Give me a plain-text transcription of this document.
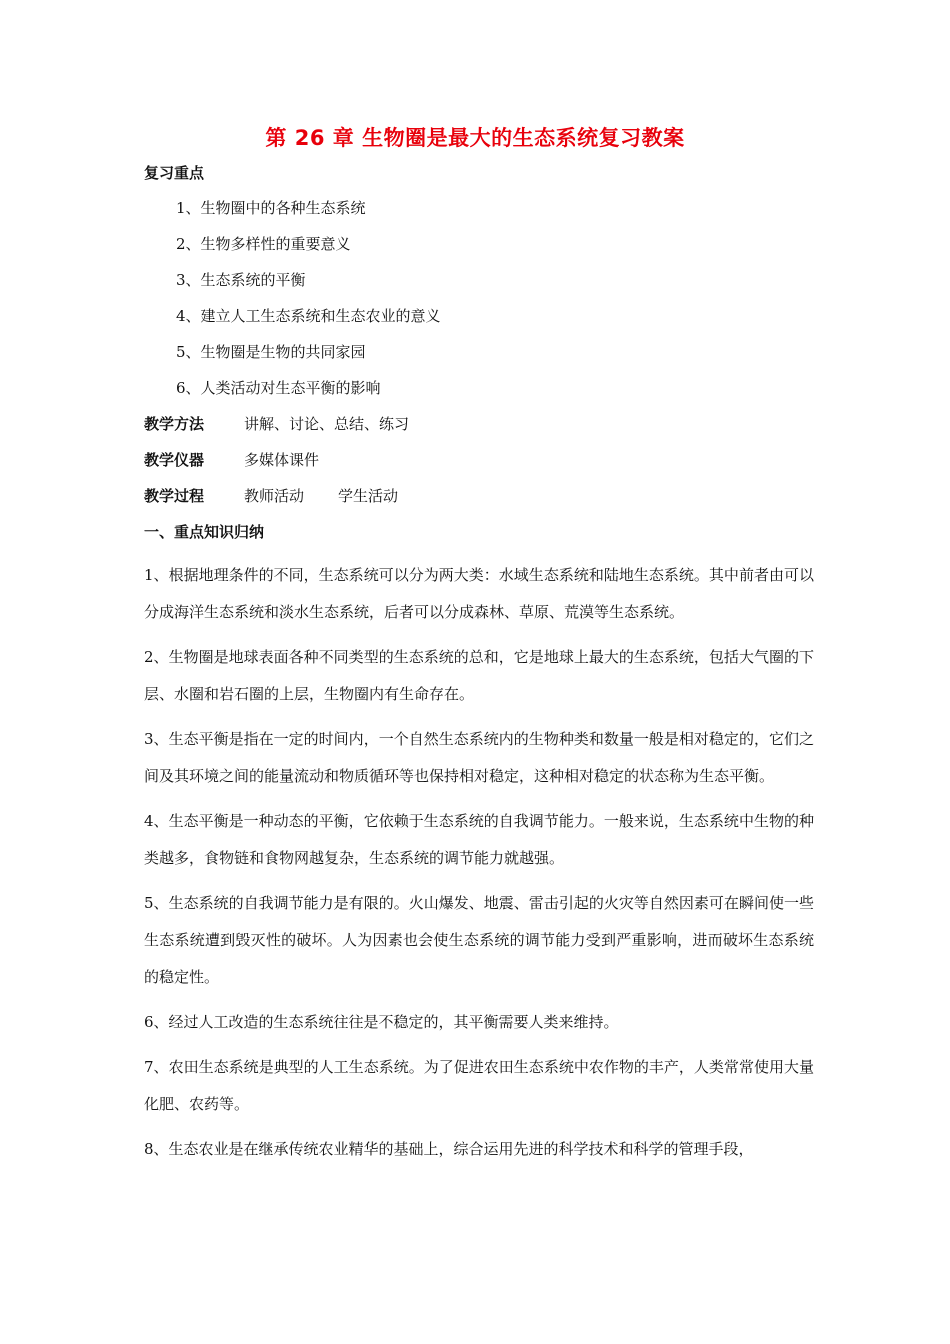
第 26 章 生物圈是最大的生态系统复习教案
复习重点
1、生物圈中的各种生态系统
2、生物多样性的重要意义
3、生态系统的平衡
4、建立人工生态系统和生态农业的意义
5、生物圈是生物的共同家园
6、人类活动对生态平衡的影响
教学方法	讲解、讨论、总结、练习
教学仪器	多媒体课件
教学过程	教师活动 学生活动
一、重点知识归纳

1、根据地理条件的不同，生态系统可以分为两大类：水域生态系统和陆地生态系统。其中前者由可以分成海洋生态系统和淡水生态系统，后者可以分成森林、草原、荒漠等生态系统。

2、生物圈是地球表面各种不同类型的生态系统的总和，它是地球上最大的生态系统，包括大气圈的下层、水圈和岩石圈的上层，生物圈内有生命存在。

3、生态平衡是指在一定的时间内，一个自然生态系统内的生物种类和数量一般是相对稳定的，它们之间及其环境之间的能量流动和物质循环等也保持相对稳定，这种相对稳定的状态称为生态平衡。

4、生态平衡是一种动态的平衡，它依赖于生态系统的自我调节能力。一般来说，生态系统中生物的种类越多，食物链和食物网越复杂，生态系统的调节能力就越强。

5、生态系统的自我调节能力是有限的。火山爆发、地震、雷击引起的火灾等自然因素可在瞬间使一些生态系统遭到毁灭性的破坏。人为因素也会使生态系统的调节能力受到严重影响，进而破坏生态系统的稳定性。

6、经过人工改造的生态系统往往是不稳定的，其平衡需要人类来维持。

7、农田生态系统是典型的人工生态系统。为了促进农田生态系统中农作物的丰产，人类常常使用大量化肥、农药等。

8、生态农业是在继承传统农业精华的基础上，综合运用先进的科学技术和科学的管理手段，
